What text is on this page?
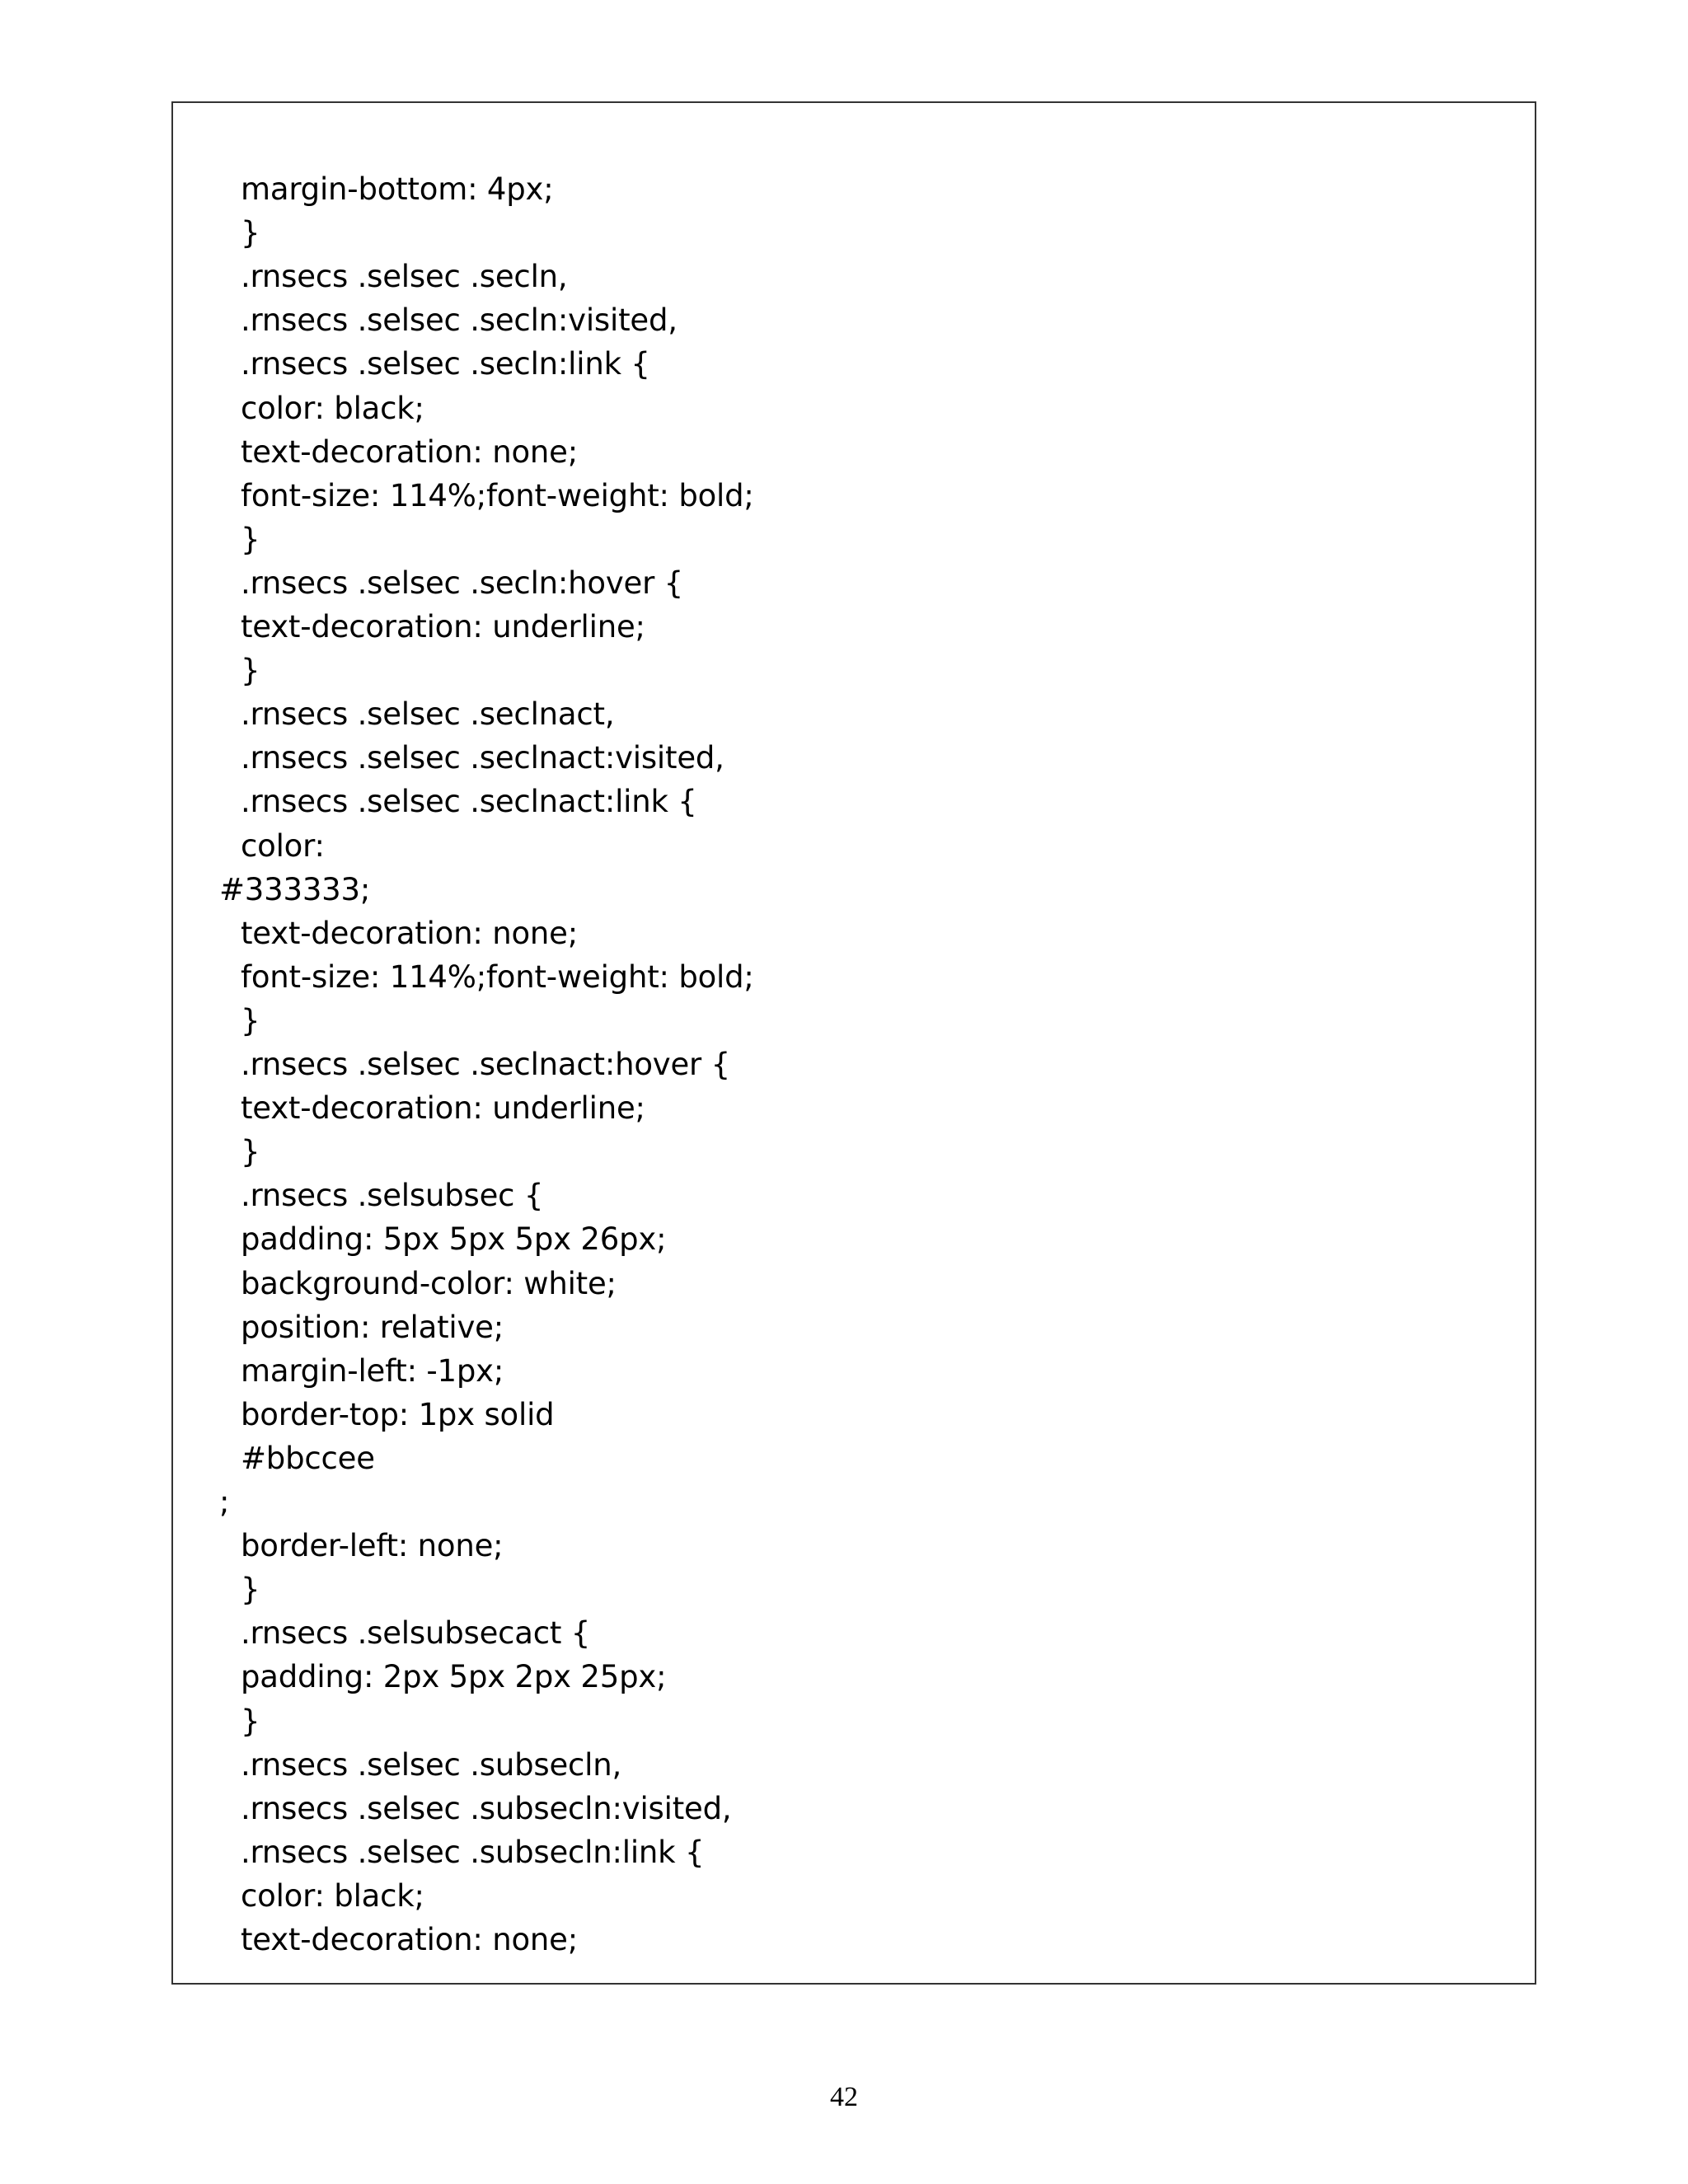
margin-bottom: 4px;
}
.rnsecs .selsec .secln,
.rnsecs .selsec .secln:visited,
.rnsecs .selsec .secln:link {
color: black;
text-decoration: none;
font-size: 114%;font-weight: bold;
}
.rnsecs .selsec .secln:hover {
text-decoration: underline;
}
.rnsecs .selsec .seclnact,
.rnsecs .selsec .seclnact:visited,
.rnsecs .selsec .seclnact:link {
color:
#333333;
text-decoration: none;
font-size: 114%;font-weight: bold;
}
.rnsecs .selsec .seclnact:hover {
text-decoration: underline;
}
.rnsecs .selsubsec {
padding: 5px 5px 5px 26px;
background-color: white;
position: relative;
margin-left: -1px;
border-top: 1px solid
#bbccee
;
border-left: none;
}
.rnsecs .selsubsecact {
padding: 2px 5px 2px 25px;
}
.rnsecs .selsec .subsecln,
.rnsecs .selsec .subsecln:visited,
.rnsecs .selsec .subsecln:link {
color: black;
text-decoration: none;
42
